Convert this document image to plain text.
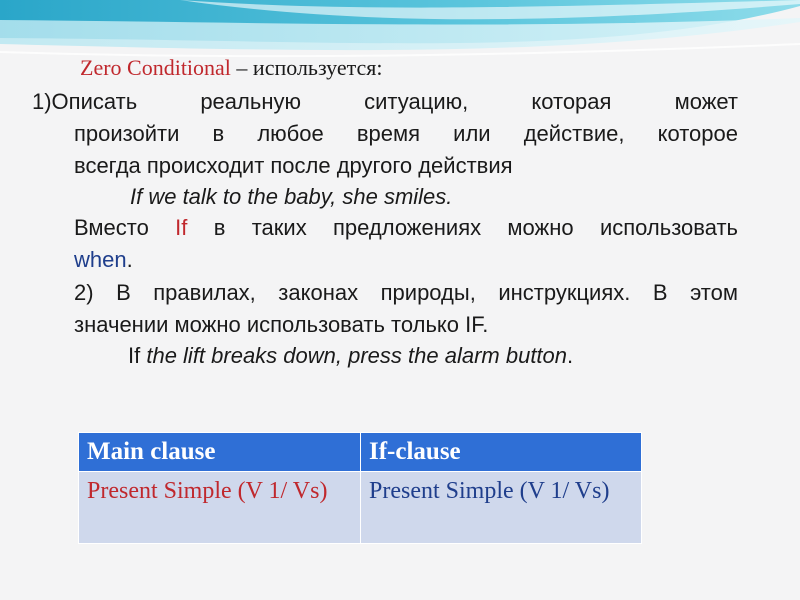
Zero Conditional – используется:
1)Описать реальную ситуацию, которая может
произойти в любое время или действие, которое
всегда происходит после другого действия
If we talk to the baby, she smiles.
Вместо If в таких предложениях можно использовать
when.
2) В правилах, законах природы, инструкциях. В этом
значении можно использовать только IF.
If the lift breaks down, press the alarm button.
Main clause	If-clause
Present Simple (V 1/ Vs)	Present Simple (V 1/ Vs)
